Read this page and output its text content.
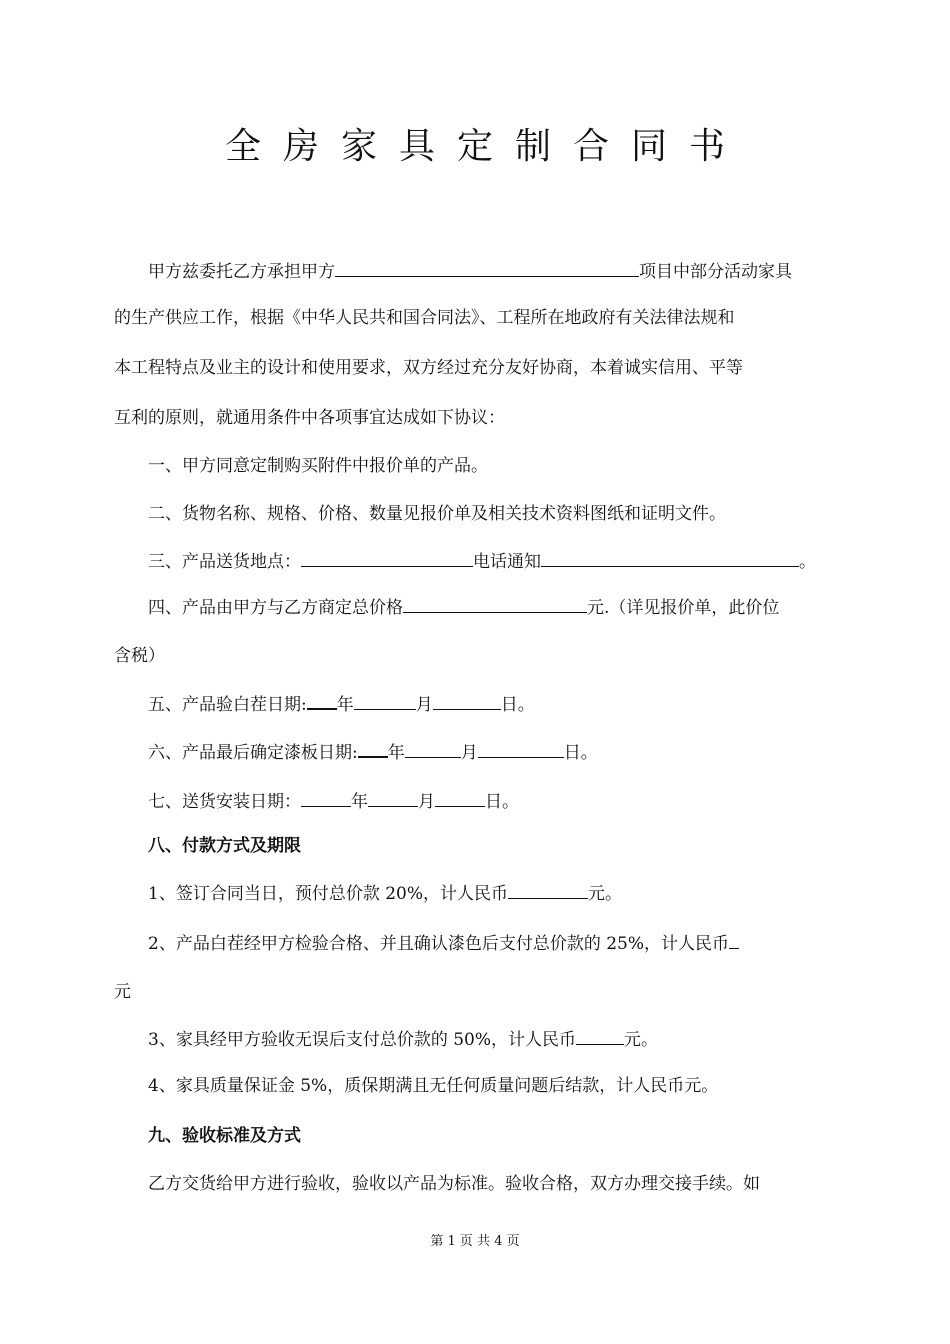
全房家具定制合同书
甲方兹委托乙方承担甲方	项目中部分活动家具
的生产供应工作，根据《中华人民共和国合同法》、工程所在地政府有关法律法规和
本工程特点及业主的设计和使用要求，双方经过充分友好协商，本着诚实信用、平等
互利的原则，就通用条件中各项事宜达成如下协议：
一、甲方同意定制购买附件中报价单的产品。
二、货物名称、规格、价格、数量见报价单及相关技术资料图纸和证明文件。
三、产品送货地点：	电话通知	。
四、产品由甲方与乙方商定总价格	元.（详见报价单，此价位
含税）
五、产品验白茬日期: 年	月	日。
六、产品最后确定漆板日期: 年	月	日。
七、送货安装日期：	年	月	日。
八、付款方式及期限
1、签订合同当日，预付总价款 20%，计人民币	元。
2、产品白茬经甲方检验合格、并且确认漆色后支付总价款的 25%，计人民币
元
3、家具经甲方验收无误后支付总价款的 50%，计人民币	元。
4、家具质量保证金 5%，质保期满且无任何质量问题后结款，计人民币元。
九、验收标准及方式
乙方交货给甲方进行验收，验收以产品为标准。验收合格，双方办理交接手续。如
第 1 页 共 4 页
